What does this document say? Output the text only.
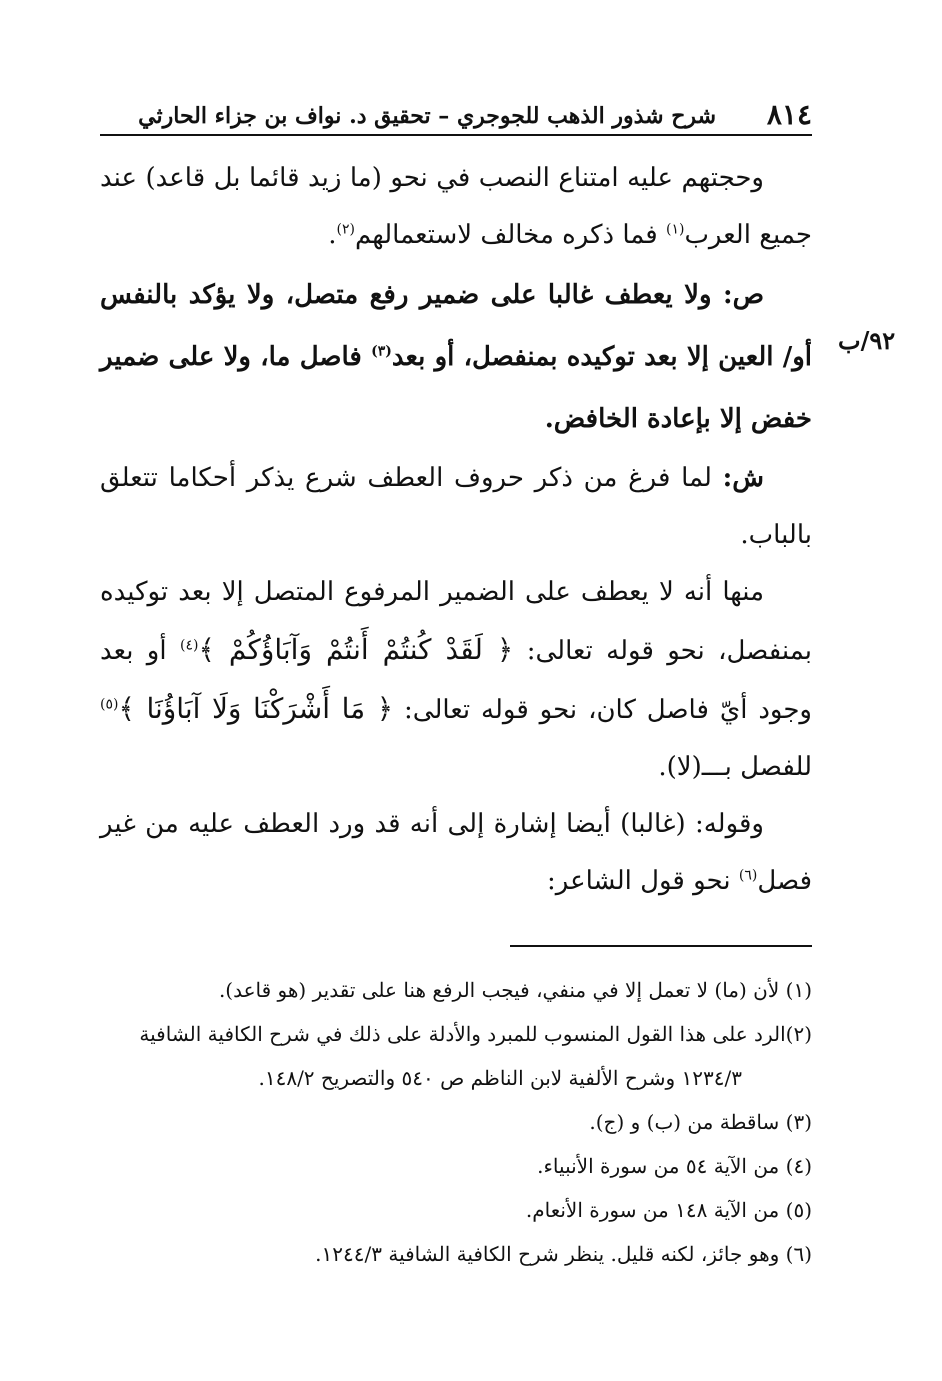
٨١٤
شرح شذور الذهب للجوجري – تحقيق د. نواف بن جزاء الحارثي
٩٢/ب

وحجتهم عليه امتناع النصب في نحو (ما زيد قائما بل قاعد) عند جميع العرب$^{(١)}$ فما ذكره مخالف لاستعمالهم$^{(٢)}$.

ص: ولا يعطف غالبا على ضمير رفع متصل، ولا يؤكد بالنفس أو/ العين إلا بعد توكيده بمنفصل، أو بعد$^{(٣)}$ فاصل ما، ولا على ضمير خفض إلا بإعادة الخافض.

ش: لما فرغ من ذكر حروف العطف شرع يذكر أحكاما تتعلق بالباب.

منها أنه لا يعطف على الضمير المرفوع المتصل إلا بعد توكيده بمنفصل، نحو قوله تعالى: ﴿ لَقَدْ كُنتُمْ أَنتُمْ وَآبَاؤُكُمْ ﴾$^{(٤)}$ أو بعد وجود أيّ فاصل كان، نحو قوله تعالى: ﴿ مَا أَشْرَكْنَا وَلَا آبَاؤُنَا ﴾$^{(٥)}$ للفصل بـــ(لا).

وقوله: (غالبا) أيضا إشارة إلى أنه قد ورد العطف عليه من غير فصل$^{(٦)}$ نحو قول الشاعر:

(١) لأن (ما) لا تعمل إلا في منفي، فيجب الرفع هنا على تقدير (هو قاعد).

(٢)الرد على هذا القول المنسوب للمبرد والأدلة على ذلك في شرح الكافية الشافية

١٢٣٤/٣ وشرح الألفية لابن الناظم ص ٥٤٠ والتصريح ١٤٨/٢.

(٣) ساقطة من (ب) و (ج).

(٤) من الآية ٥٤ من سورة الأنبياء.

(٥) من الآية ١٤٨ من سورة الأنعام.

(٦) وهو جائز، لكنه قليل. ينظر شرح الكافية الشافية ١٢٤٤/٣.
